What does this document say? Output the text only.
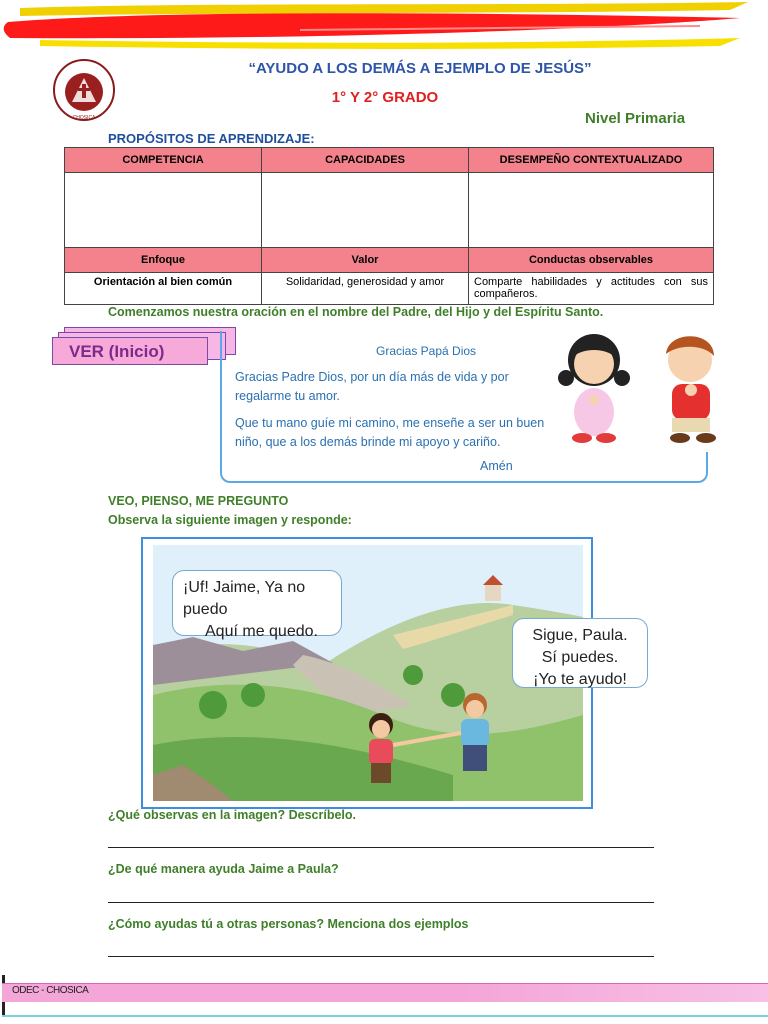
CHOSICA
“AYUDO A LOS DEMÁS A EJEMPLO DE JESÚS”
1° Y 2° GRADO
Nivel Primaria
PROPÓSITOS DE APRENDIZAJE:
COMPETENCIA	CAPACIDADES	DESEMPEÑO CONTEXTUALIZADO

Enfoque	Valor	Conductas observables
Orientación al bien común	Solidaridad, generosidad y amor	Comparte habilidades y actitudes con sus compañeros.
Comenzamos nuestra oración en el nombre del Padre, del Hijo y del Espíritu Santo.
VER (Inicio)	Gracias Papá Dios
Gracias Padre Dios, por un día más de vida y por regalarme tu amor.
Que tu mano guíe mi camino, me enseñe a ser un buen niño, que a los demás brinde mi apoyo y cariño.
Amén
VEO, PIENSO, ME PREGUNTO
Observa la siguiente imagen y responde:
¡Uf! Jaime, Ya no puedo
Aquí me quedo.	Sigue, Paula.
Sí puedes.
¡Yo te ayudo!
¿Qué observas en la imagen? Descríbelo.
¿De qué manera ayuda Jaime a Paula?
¿Cómo ayudas tú a otras personas? Menciona dos ejemplos
ODEC - CHOSICA
